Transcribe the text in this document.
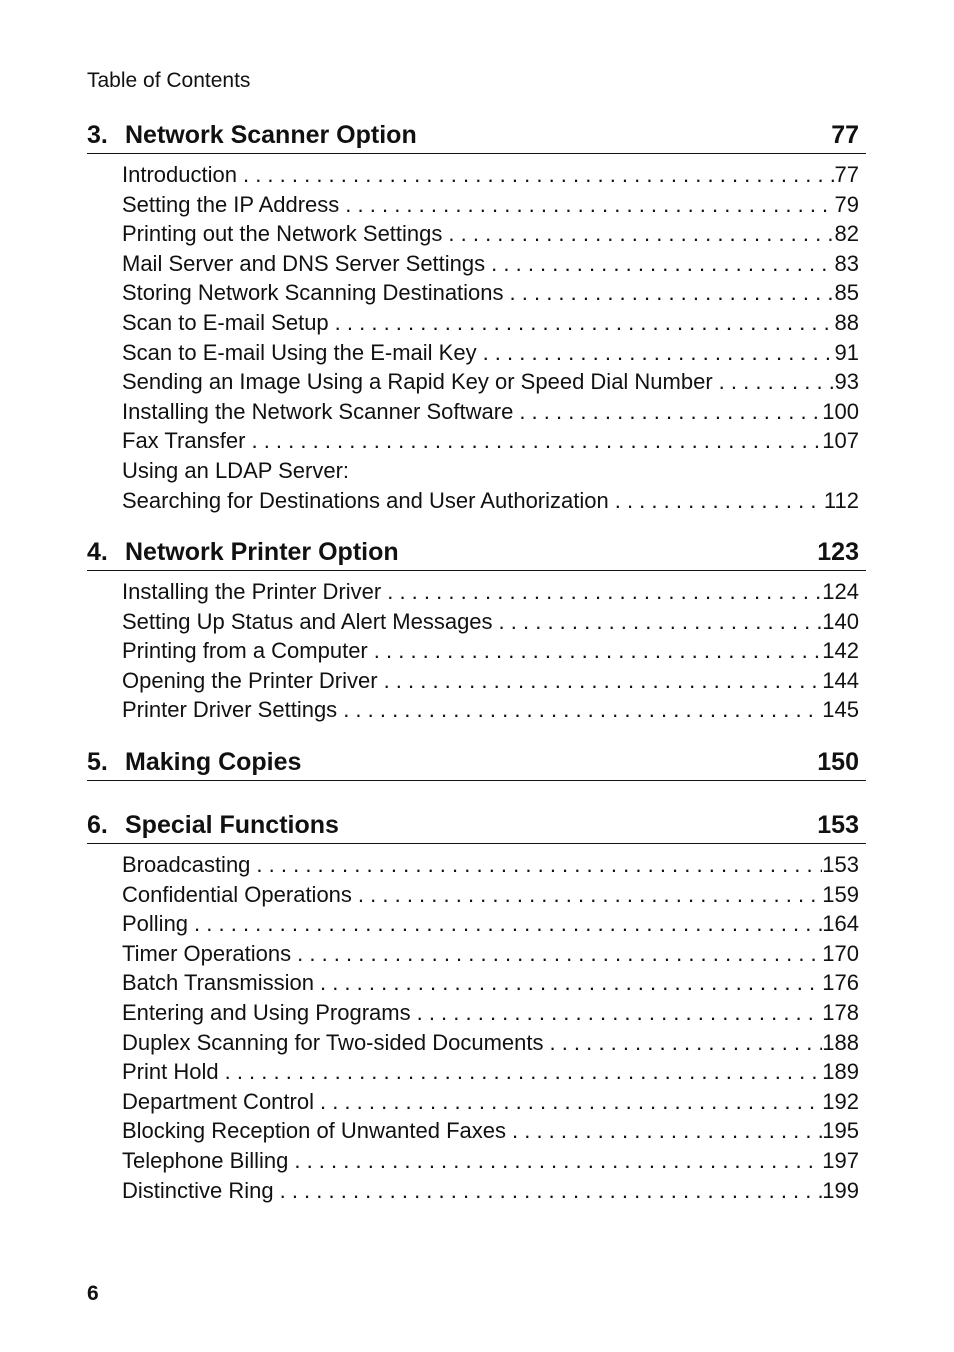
Table of Contents
3. Network Scanner Option	77
Introduction . . .	77
Setting the IP Address . . .	79
Printing out the Network Settings . . .	82
Mail Server and DNS Server Settings . . .	83
Storing Network Scanning Destinations . . .	85
Scan to E-mail Setup . . .	88
Scan to E-mail Using the E-mail Key . . .	91
Sending an Image Using a Rapid Key or Speed Dial Number . . .	93
Installing the Network Scanner Software . . .	100
Fax Transfer . . .	107
Using an LDAP Server:
Searching for Destinations and User Authorization . . .	112
4. Network Printer Option	123
Installing the Printer Driver . . .	124
Setting Up Status and Alert Messages . . .	140
Printing from a Computer . . .	142
Opening the Printer Driver . . .	144
Printer Driver Settings . . .	145
5. Making Copies	150
6. Special Functions	153
Broadcasting . . .	153
Confidential Operations . . .	159
Polling . . .	164
Timer Operations . . .	170
Batch Transmission . . .	176
Entering and Using Programs . . .	178
Duplex Scanning for Two-sided Documents . . .	188
Print Hold . . .	189
Department Control . . .	192
Blocking Reception of Unwanted Faxes . . .	195
Telephone Billing . . .	197
Distinctive Ring . . .	199
6
